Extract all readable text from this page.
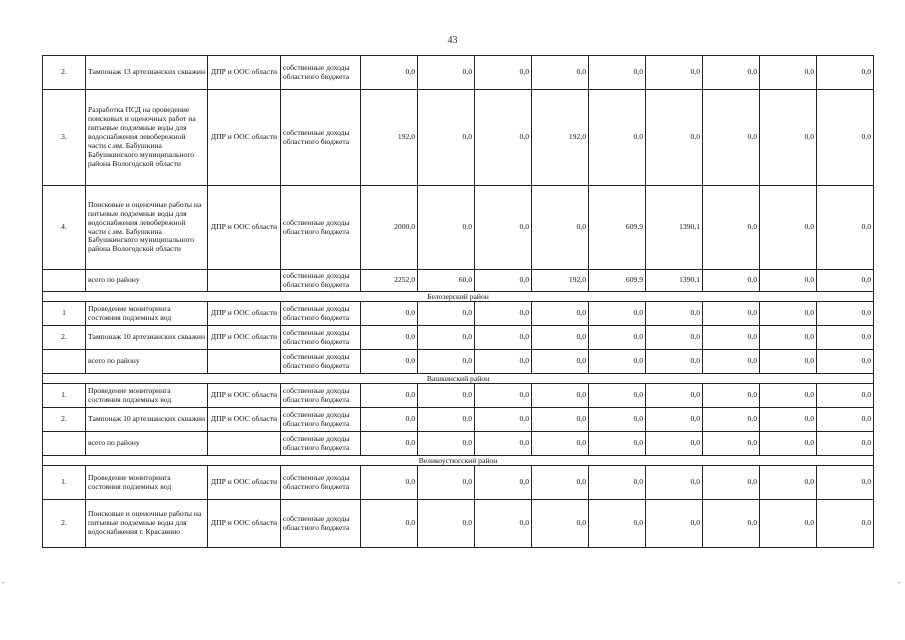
43
-	-
2.	Тампонаж 13 артезианских скважин	ДПР и ООС области	собственные доходы областного бюджета	0,0	0,0	0,0	0,0	0,0	0,0	0,0	0,0	0,0
3.	Разработка ПСД на проведение поисковых и оценочных работ на питьевые подземные воды для водоснабжения левобережной части с.им. Бабушкина Бабушкинского муниципального района Вологодской области	ДПР и ООС области	собственные доходы областного бюджета	192,0	0,0	0,0	192,0	0,0	0,0	0,0	0,0	0,0
4.	Поисковые и оценочные работы на питьевые подземные воды для водоснабжения левобережной части с.им. Бабушкина Бабушкинского муниципального района Вологодской области	ДПР и ООС области	собственные доходы областного бюджета	2000,0	0,0	0,0	0,0	609,9	1390,1	0,0	0,0	0,0
	всего по району		собственные доходы областного бюджета	2252,0	60,0	0,0	192,0	609,9	1390,1	0,0	0,0	0,0
Белозерский район												
1	Проведение мониторинга состояния подземных вод	ДПР и ООС области	собственные доходы областного бюджета	0,0	0,0	0,0	0,0	0,0	0,0	0,0	0,0	0,0
2.	Тампонаж 10 артезианских скважин	ДПР и ООС области	собственные доходы областного бюджета	0,0	0,0	0,0	0,0	0,0	0,0	0,0	0,0	0,0
	всего по району		собственные доходы областного бюджета	0,0	0,0	0,0	0,0	0,0	0,0	0,0	0,0	0,0
Вашкинский район												
1.	Проведение мониторинга состояния подземных вод	ДПР и ООС области	собственные доходы областного бюджета	0,0	0,0	0,0	0,0	0,0	0,0	0,0	0,0	0,0
2.	Тампонаж 10 артезианских скважин	ДПР и ООС области	собственные доходы областного бюджета	0,0	0,0	0,0	0,0	0,0	0,0	0,0	0,0	0,0
	всего по району		собственные доходы областного бюджета	0,0	0,0	0,0	0,0	0,0	0,0	0,0	0,0	0,0
Великоустюгский район												
1.	Проведение мониторинга состояния подземных вод	ДПР и ООС области	собственные доходы областного бюджета	0,0	0,0	0,0	0,0	0,0	0,0	0,0	0,0	0,0
2.	Поисковые и оценочные работы на питьевые подземные воды для водоснабжения г. Красавино	ДПР и ООС области	собственные доходы областного бюджета	0,0	0,0	0,0	0,0	0,0	0,0	0,0	0,0	0,0
